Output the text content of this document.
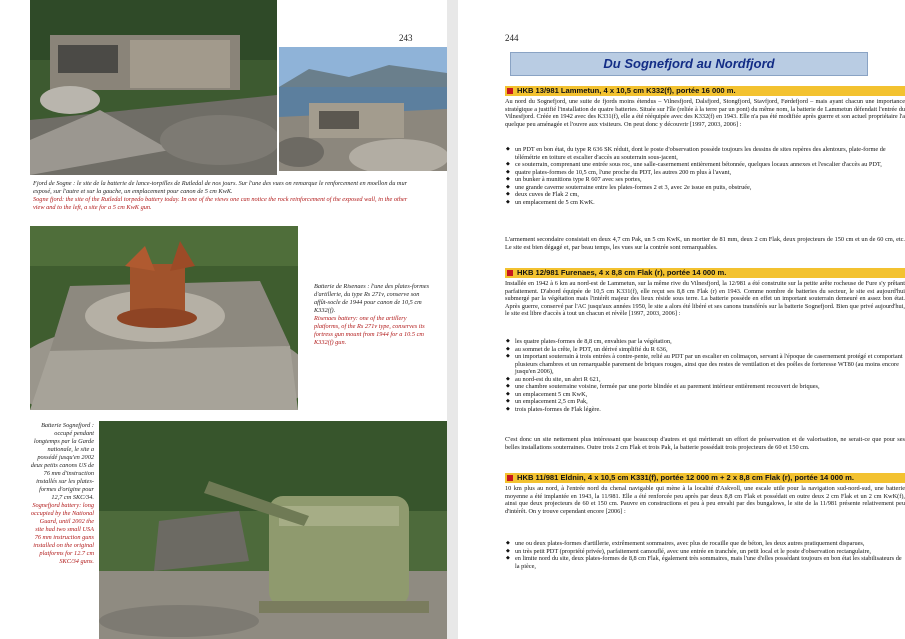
243

Fjord de Sogne : le site de la batterie de lance-torpilles de Rutledal de nos jours. Sur l'une des vues on remarque le renforcement en moellon du mur exposé, sur l'autre et sur la gauche, un emplacement pour canon de 5 cm KwK.

Sogne fjord: the site of the Rutledal torpedo battery today. In one of the views one can notice the rock reinforcement of the exposed wall, in the other view and to the left, a site for a 5 cm KwK gun.

Batterie de Risenaes : l'une des plates-formes d'artillerie, du type Rs 271v, conserve son affût-socle de 1944 pour canon de 10,5 cm K332(f).

Risenaes battery: one of the artillery platforms, of the Rs 271v type, conserves its fortress gun mount from 1944 for a 10.5 cm K332(f) gun.

Batterie Sognefjord : occupé pendant longtemps par la Garde nationale, le site a possédé jusqu'en 2002 deux petits canons US de 76 mm d'instruction installés sur les plates-formes d'origine pour 12,7 cm SKC/34.

Sognefjord battery: long occupied by the National Guard, until 2002 the site had two small USA 76 mm instruction guns installed on the original platforms for 12.7 cm SKC/34 guns.

244
Du Sognefjord au Nordfjord
HKB 13/981 Lammetun, 4 x 10,5 cm K332(f), portée 16 000 m.
Au nord du Sognefjord, une suite de fjords moins étendus – Vilnesfjord, Dalsfjord, Stongfjord, Stavfjord, Førdefjord – mais ayant chacun une importance stratégique a justifié l'installation de quatre batteries. Située sur l'île (reliée à la terre par un pont) du même nom, la batterie de Lammetun défendait l'entrée du Vilnesfjord. Créée en 1942 avec des K331(f), elle a été rééquipée avec des K332(f) en 1943. Elle n'a pas été modifiée après guerre et son actuel propriétaire l'a quelque peu aménagée et l'ouvre aux visiteurs. On peut donc y découvrir [1997, 2003, 2006] :
◆ un PDT en bon état, du type R 636 SK réduit, dont le poste d'observation possède toujours les dessins de sites repères des alentours, plate-forme de télémétrie en toiture et escalier d'accès au souterrain sous-jacent,
◆ ce souterrain, comprenant une entrée sous roc, une salle-casernement entièrement bétonnée, quelques locaux annexes et l'escalier d'accès au PDT,
◆ quatre plates-formes de 10,5 cm, l'une proche du PDT, les autres 200 m plus à l'avant,
◆ un bunker à munitions type R 607 avec ses portes,
◆ une grande caverne souterraine entre les plates-formes 2 et 3, avec 2e issue en puits, obstruée,
◆ deux cuves de Flak 2 cm,
◆ un emplacement de 5 cm KwK.
L'armement secondaire consistait en deux 4,7 cm Pak, un 5 cm KwK, un mortier de 81 mm, deux 2 cm Flak, deux projecteurs de 150 cm et un de 60 cm, etc. Le site est bien dégagé et, par beau temps, les vues sur la contrée sont remarquables.
HKB 12/981 Furenaes, 4 x 8,8 cm Flak (r), portée 14 000 m.
Installée en 1942 à 6 km au nord-est de Lammetun, sur la même rive du Vilnesfjord, la 12/981 a été construite sur la petite arête rocheuse de Fure s'y prêtant parfaitement. D'abord équipée de 10,5 cm K331(f), elle reçut ses 8,8 cm Flak (r) en 1943. Comme nombre de batteries du secteur, le site est aujourd'hui submergé par la végétation mais l'intérêt majeur des lieux réside sous terre. La batterie possède en effet un important souterrain demeuré en assez bon état. Après guerre, conservé par l'AC jusqu'aux années 1950, le site a alors été libéré et ses canons transférés sur la batterie Sognefjord. Bien que privé aujourd'hui, le site est libre d'accès à tout un chacun et révèle [1997, 2003, 2006] :
◆ les quatre plates-formes de 8,8 cm, envahies par la végétation,
◆ au sommet de la crête, le PDT, un dérivé simplifié du R 636,
◆ un important souterrain à trois entrées à contre-pente, relié au PDT par un escalier en colimaçon, servant à l'époque de casernement protégé et comportant plusieurs chambres et un remarquable parement de briques rouges, ainsi que des restes de ventilation et des poêles de forteresse WT80 (au moins encore jusqu'en 2006),
◆ au nord-est du site, un abri R 621,
◆ une chambre souterraine voisine, fermée par une porte blindée et au parement intérieur entièrement recouvert de briques,
◆ un emplacement 5 cm KwK,
◆ un emplacement 2,5 cm Pak,
◆ trois plates-formes de Flak légère.
C'est donc un site nettement plus intéressant que beaucoup d'autres et qui mériterait un effort de préservation et de valorisation, ne serait-ce que pour ses belles installations souterraines. Outre trois 2 cm Flak et trois Pak, la batterie possédait trois projecteurs de 60 et 150 cm.
HKB 11/981 Eldnin, 4 x 10,5 cm K331(f), portée 12 000 m + 2 x 8,8 cm Flak (r), portée 14 000 m.
10 km plus au nord, à l'entrée nord du chenal navigable qui mène à la localité d'Askvoll, une escale utile pour la navigation sud-nord-sud, une batterie moyenne a été implantée en 1943, la 11/981. Elle a été renforcée peu après par deux 8,8 cm Flak et possédait en outre deux 2 cm Flak et un 2 cm KwK(f), ainsi que deux projecteurs de 60 et 150 cm. Pauvre en constructions et peu à peu envahi par des bungalows, le site de la 11/981 présente relativement peu d'intérêt. On y trouve cependant encore [2006] :
◆ une ou deux plates-formes d'artillerie, extrêmement sommaires, avec plus de rocaille que de béton, les deux autres pratiquement disparues,
◆ un très petit PDT (propriété privée), parfaitement camouflé, avec une entrée en tranchée, un petit local et le poste d'observation rectangulaire,
◆ en limite nord du site, deux plates-formes de 8,8 cm Flak, également très sommaires, mais l'une d'elles possédant toujours en bon état les stabilisateurs de la pièce,
